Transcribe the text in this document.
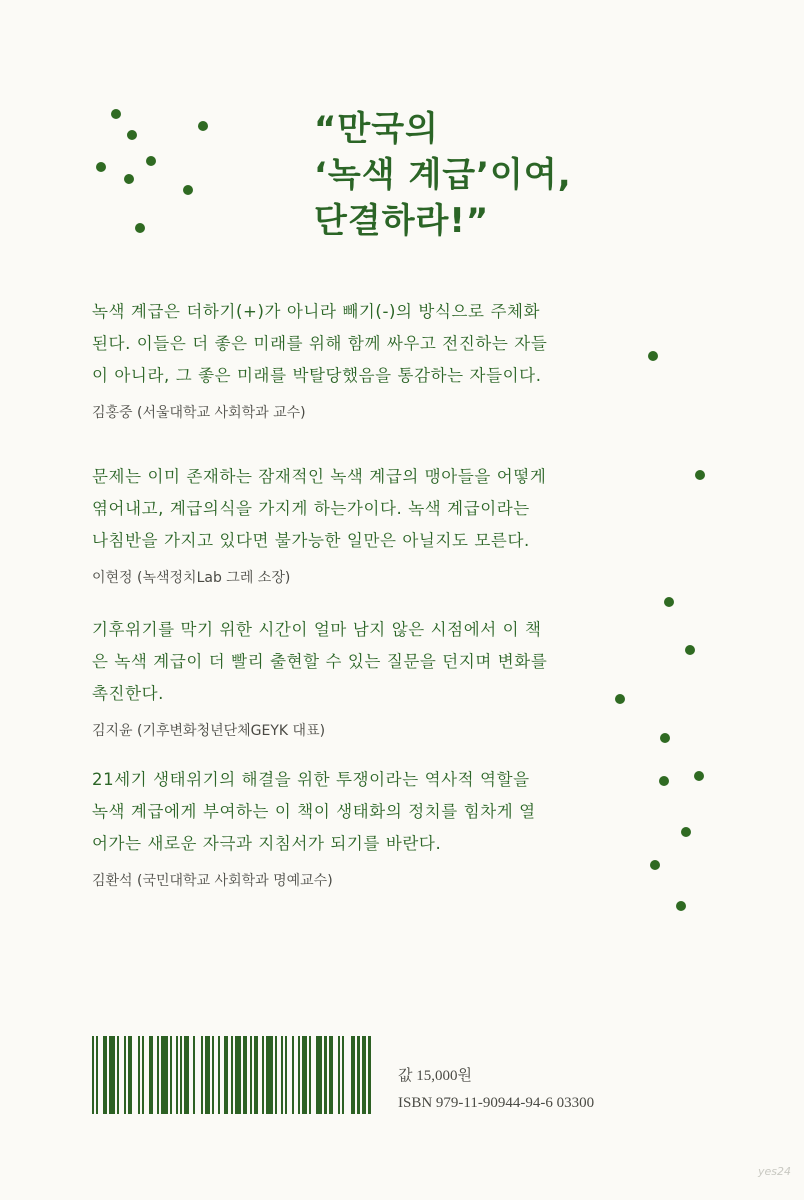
“만국의
‘녹색 계급’이여,
단결하라!”
녹색 계급은 더하기(+)가 아니라 빼기(-)의 방식으로 주체화
된다. 이들은 더 좋은 미래를 위해 함께 싸우고 전진하는 자들
이 아니라, 그 좋은 미래를 박탈당했음을 통감하는 자들이다.
김홍중 (서울대학교 사회학과 교수)
문제는 이미 존재하는 잠재적인 녹색 계급의 맹아들을 어떻게
엮어내고, 계급의식을 가지게 하는가이다. 녹색 계급이라는
나침반을 가지고 있다면 불가능한 일만은 아닐지도 모른다.
이현정 (녹색정치Lab 그레 소장)
기후위기를 막기 위한 시간이 얼마 남지 않은 시점에서 이 책
은 녹색 계급이 더 빨리 출현할 수 있는 질문을 던지며 변화를
촉진한다.
김지윤 (기후변화청년단체GEYK 대표)
21세기 생태위기의 해결을 위한 투쟁이라는 역사적 역할을
녹색 계급에게 부여하는 이 책이 생태화의 정치를 힘차게 열
어가는 새로운 자극과 지침서가 되기를 바란다.
김환석 (국민대학교 사회학과 명예교수)
값 15,000원
ISBN 979-11-90944-94-6 03300
yes24
